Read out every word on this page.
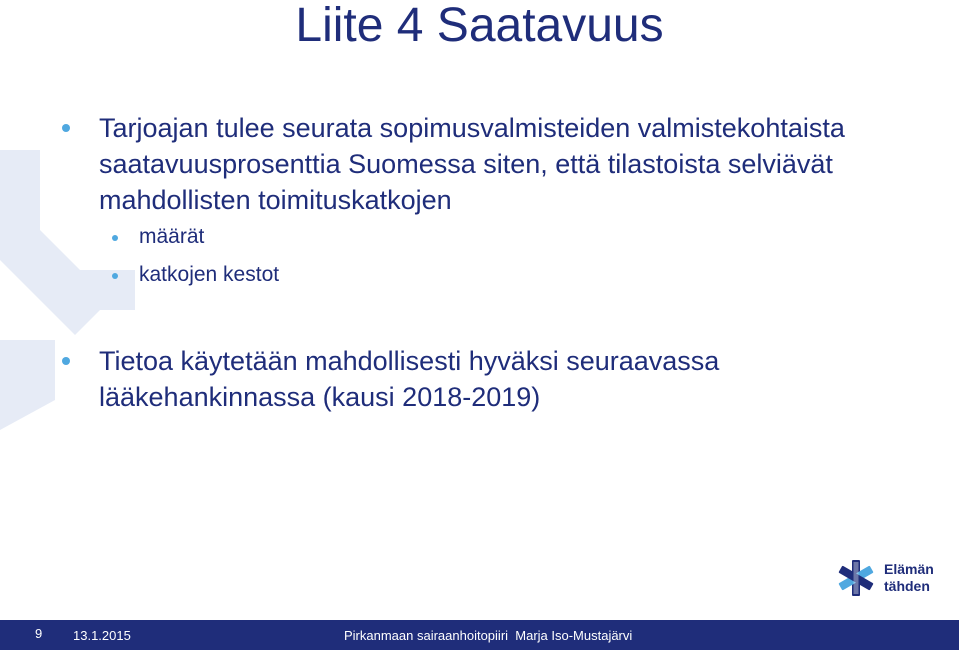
Liite 4 Saatavuus
Tarjoajan tulee seurata sopimusvalmisteiden valmistekohtaista saatavuusprosenttia Suomessa siten, että tilastoista selviävät mahdollisten toimituskatkojen
määrät
katkojen kestot
Tietoa käytetään mahdollisesti hyväksi seuraavassa lääkehankinnassa (kausi 2018-2019)
Elämän
tähden
9 13.1.2015	Pirkanmaan sairaanhoitopiiri  Marja Iso-Mustajärvi
